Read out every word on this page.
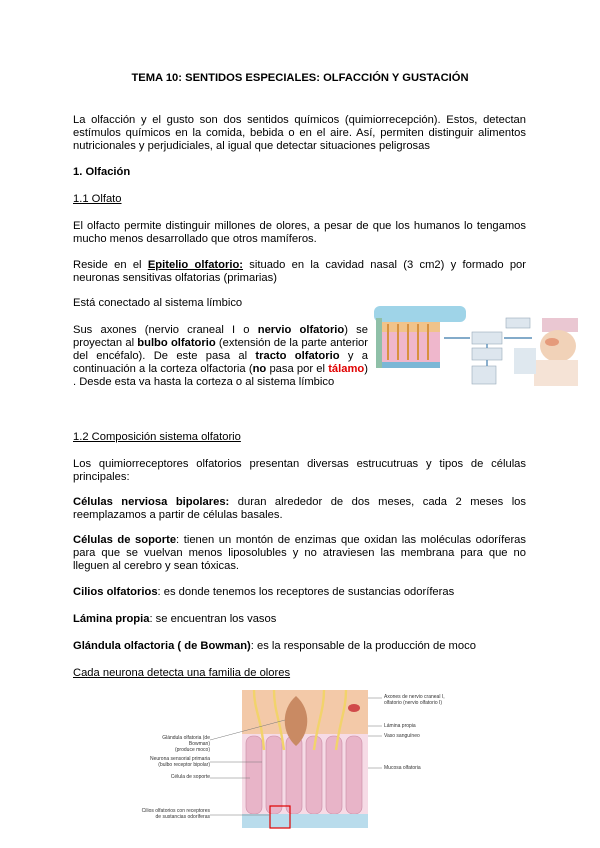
TEMA 10: SENTIDOS ESPECIALES: OLFACCIÓN Y GUSTACIÓN
La olfacción y el gusto son dos sentidos químicos (quimiorrecepción). Estos, detectan estímulos químicos en la comida, bebida o en el aire. Así, permiten distinguir alimentos nutricionales y perjudiciales, al igual que detectar situaciones peligrosas
1. Olfación
1.1 Olfato
El olfacto permite distinguir millones de olores, a pesar de que los humanos lo tengamos mucho menos desarrollado que otros mamíferos.
Reside en el Epitelio olfatorio: situado en la cavidad nasal (3 cm2) y formado por neuronas sensitivas olfatorias (primarias)
Está conectado al sistema límbico
Sus axones (nervio craneal I o nervio olfatorio) se proyectan al bulbo olfatorio (extensión de la parte anterior del encéfalo). De este pasa al tracto olfatorio y a continuación a la corteza olfactoria (no pasa por el tálamo) . Desde esta va hasta la corteza o al sistema límbico
1.2 Composición sistema olfatorio
Los quimiorreceptores olfatorios presentan diversas estrucutruas y tipos de células principales:
Células nerviosa bipolares: duran alrededor de dos meses, cada 2 meses los reemplazamos a partir de células basales.
Células de soporte: tienen un montón de enzimas que oxidan las moléculas odoríferas para que se vuelvan menos liposolubles y no atraviesen las membrana para que no lleguen al cerebro y sean tóxicas.
Cilios olfatorios: es donde tenemos los receptores de sustancias odoríferas
Lámina propia: se encuentran los vasos
Glándula olfactoria ( de Bowman): es la responsable de la producción de moco
Cada neurona detecta una familia de olores
Glándula olfatoria (de Bowman)
(produce moco)
Neurona sensorial primaria
(bulbo receptor bipolar)
Célula de soporte
Cilios olfatorios con receptores
de sustancias odoríferas
Axones de nervio craneal I,
olfatorio (nervio olfatorio I)
Lámina propia
Vaso sanguíneo
Mucosa olfatoria
